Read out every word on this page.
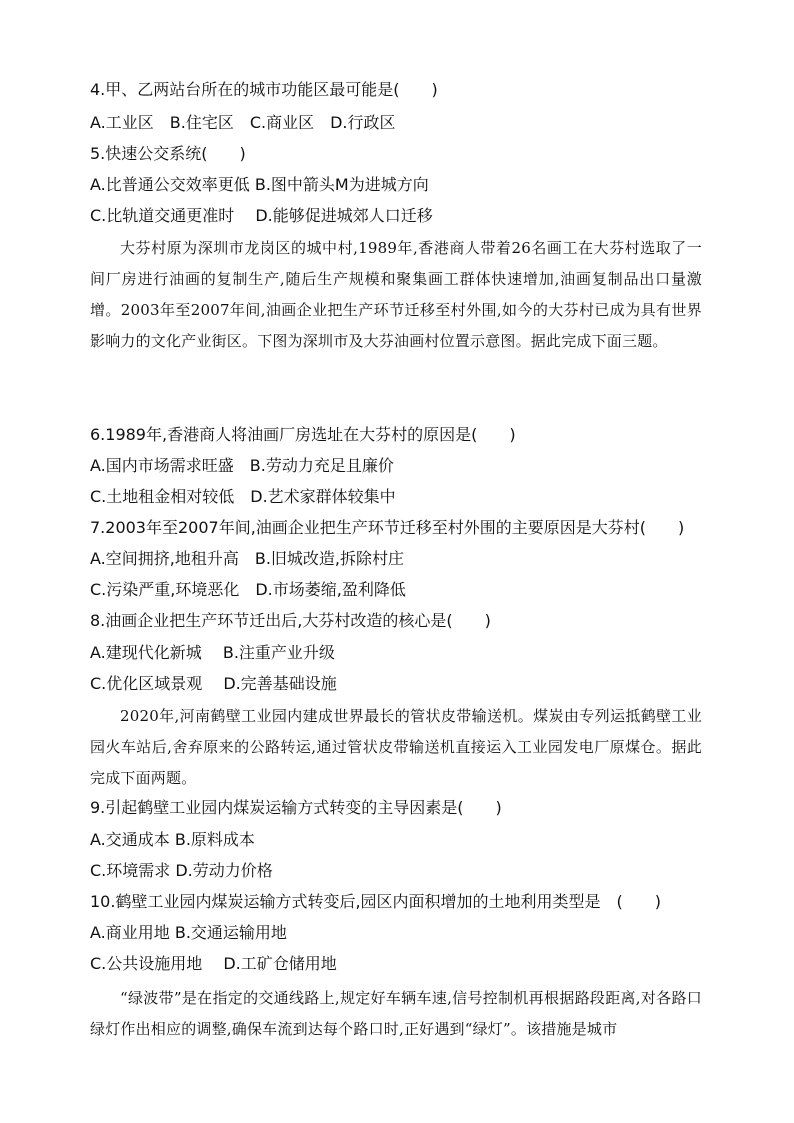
4.甲、乙两站台所在的城市功能区最可能是(　　)
A.工业区　B.住宅区　C.商业区　D.行政区
5.快速公交系统(　　)
A.比普通公交效率更低 B.图中箭头M为进城方向
C.比轨道交通更准时　 D.能够促进城郊人口迁移
大芬村原为深圳市龙岗区的城中村,1989年,香港商人带着26名画工在大芬村选取了一间厂房进行油画的复制生产,随后生产规模和聚集画工群体快速增加,油画复制品出口量激增。2003年至2007年间,油画企业把生产环节迁移至村外围,如今的大芬村已成为具有世界影响力的文化产业街区。下图为深圳市及大芬油画村位置示意图。据此完成下面三题。
6.1989年,香港商人将油画厂房选址在大芬村的原因是(　　)
A.国内市场需求旺盛　B.劳动力充足且廉价
C.土地租金相对较低　D.艺术家群体较集中
7.2003年至2007年间,油画企业把生产环节迁移至村外围的主要原因是大芬村(　　)
A.空间拥挤,地租升高　B.旧城改造,拆除村庄
C.污染严重,环境恶化　D.市场萎缩,盈利降低
8.油画企业把生产环节迁出后,大芬村改造的核心是(　　)
A.建现代化新城　 B.注重产业升级
C.优化区域景观　 D.完善基础设施
2020年,河南鹤壁工业园内建成世界最长的管状皮带输送机。煤炭由专列运抵鹤壁工业园火车站后,舍弃原来的公路转运,通过管状皮带输送机直接运入工业园发电厂原煤仓。据此完成下面两题。
9.引起鹤壁工业园内煤炭运输方式转变的主导因素是(　　)
A.交通成本 B.原料成本
C.环境需求 D.劳动力价格
10.鹤壁工业园内煤炭运输方式转变后,园区内面积增加的土地利用类型是　(　　)
A.商业用地 B.交通运输用地
C.公共设施用地　 D.工矿仓储用地
“绿波带”是在指定的交通线路上,规定好车辆车速,信号控制机再根据路段距离,对各路口绿灯作出相应的调整,确保车流到达每个路口时,正好遇到“绿灯”。该措施是城市
